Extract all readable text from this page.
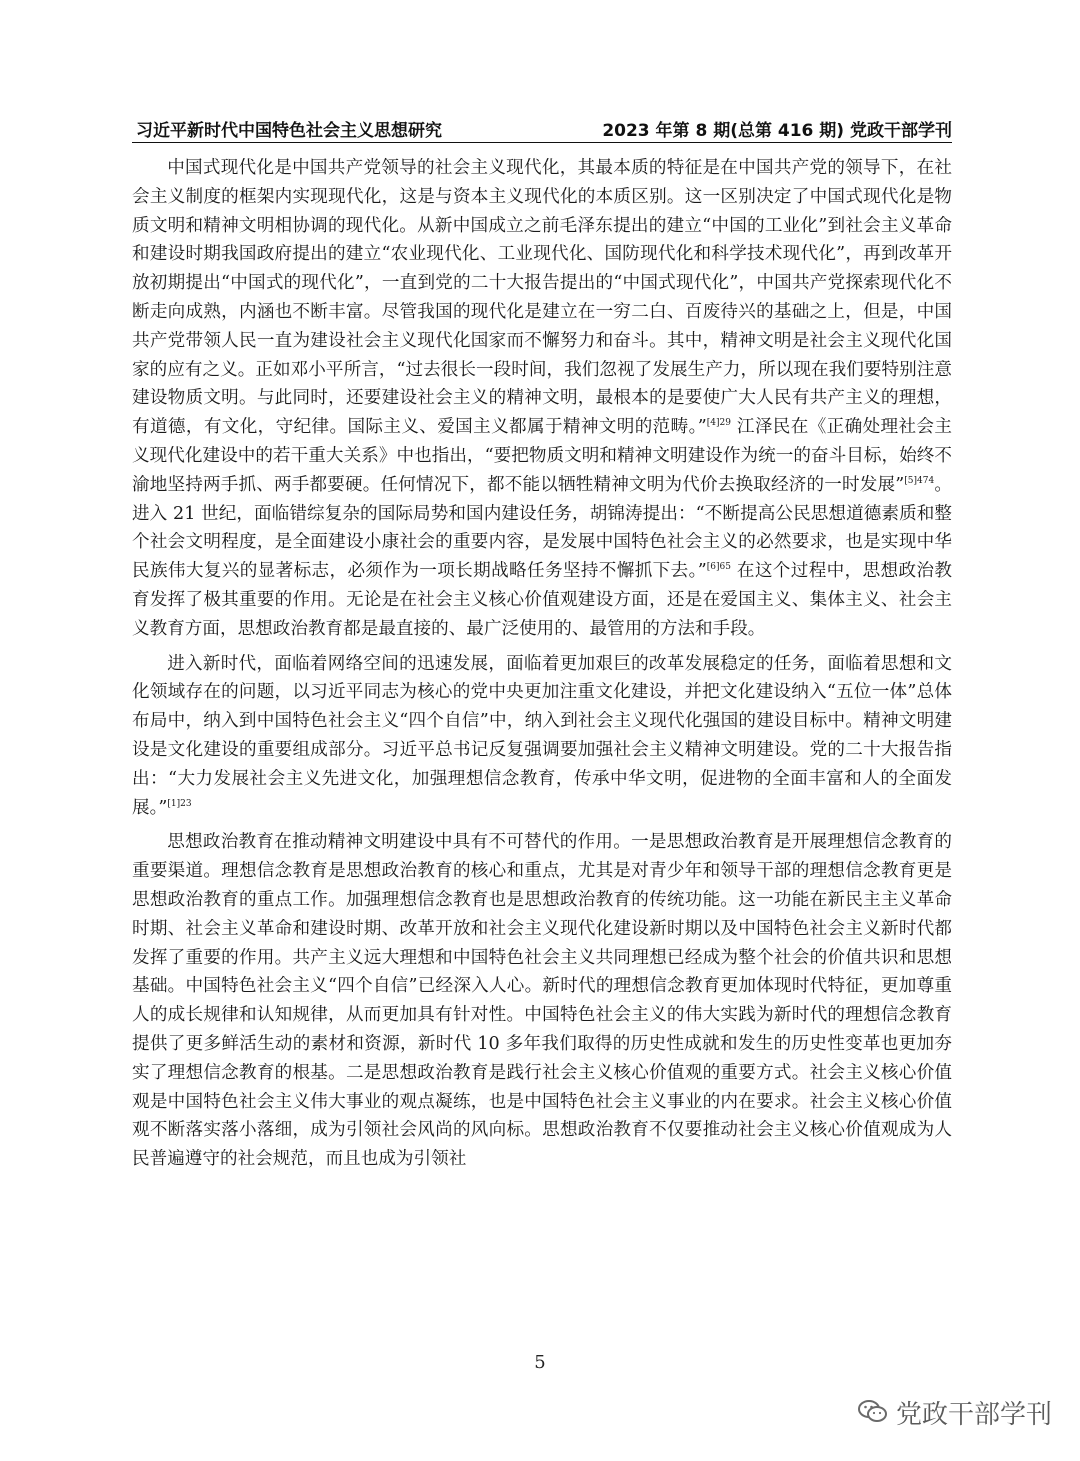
习近平新时代中国特色社会主义思想研究	2023 年第 8 期(总第 416 期) 党政干部学刊

中国式现代化是中国共产党领导的社会主义现代化，其最本质的特征是在中国共产党的领导下，在社会主义制度的框架内实现现代化，这是与资本主义现代化的本质区别。这一区别决定了中国式现代化是物质文明和精神文明相协调的现代化。从新中国成立之前毛泽东提出的建立“中国的工业化”到社会主义革命和建设时期我国政府提出的建立“农业现代化、工业现代化、国防现代化和科学技术现代化”，再到改革开放初期提出“中国式的现代化”，一直到党的二十大报告提出的“中国式现代化”，中国共产党探索现代化不断走向成熟，内涵也不断丰富。尽管我国的现代化是建立在一穷二白、百废待兴的基础之上，但是，中国共产党带领人民一直为建设社会主义现代化国家而不懈努力和奋斗。其中，精神文明是社会主义现代化国家的应有之义。正如邓小平所言，“过去很长一段时间，我们忽视了发展生产力，所以现在我们要特别注意建设物质文明。与此同时，还要建设社会主义的精神文明，最根本的是要使广大人民有共产主义的理想，有道德，有文化，守纪律。国际主义、爱国主义都属于精神文明的范畴。”$^{[4]29}$ 江泽民在《正确处理社会主义现代化建设中的若干重大关系》中也指出，“要把物质文明和精神文明建设作为统一的奋斗目标，始终不渝地坚持两手抓、两手都要硬。任何情况下，都不能以牺牲精神文明为代价去换取经济的一时发展”$^{[5]474}$。进入 21 世纪，面临错综复杂的国际局势和国内建设任务，胡锦涛提出：“不断提高公民思想道德素质和整个社会文明程度，是全面建设小康社会的重要内容，是发展中国特色社会主义的必然要求，也是实现中华民族伟大复兴的显著标志，必须作为一项长期战略任务坚持不懈抓下去。”$^{[6]65}$ 在这个过程中，思想政治教育发挥了极其重要的作用。无论是在社会主义核心价值观建设方面，还是在爱国主义、集体主义、社会主义教育方面，思想政治教育都是最直接的、最广泛使用的、最管用的方法和手段。

进入新时代，面临着网络空间的迅速发展，面临着更加艰巨的改革发展稳定的任务，面临着思想和文化领域存在的问题，以习近平同志为核心的党中央更加注重文化建设，并把文化建设纳入“五位一体”总体布局中，纳入到中国特色社会主义“四个自信”中，纳入到社会主义现代化强国的建设目标中。精神文明建设是文化建设的重要组成部分。习近平总书记反复强调要加强社会主义精神文明建设。党的二十大报告指出：“大力发展社会主义先进文化，加强理想信念教育，传承中华文明，促进物的全面丰富和人的全面发展。”$^{[1]23}$

思想政治教育在推动精神文明建设中具有不可替代的作用。一是思想政治教育是开展理想信念教育的重要渠道。理想信念教育是思想政治教育的核心和重点，尤其是对青少年和领导干部的理想信念教育更是思想政治教育的重点工作。加强理想信念教育也是思想政治教育的传统功能。这一功能在新民主主义革命时期、社会主义革命和建设时期、改革开放和社会主义现代化建设新时期以及中国特色社会主义新时代都发挥了重要的作用。共产主义远大理想和中国特色社会主义共同理想已经成为整个社会的价值共识和思想基础。中国特色社会主义“四个自信”已经深入人心。新时代的理想信念教育更加体现时代特征，更加尊重人的成长规律和认知规律，从而更加具有针对性。中国特色社会主义的伟大实践为新时代的理想信念教育提供了更多鲜活生动的素材和资源，新时代 10 多年我们取得的历史性成就和发生的历史性变革也更加夯实了理想信念教育的根基。二是思想政治教育是践行社会主义核心价值观的重要方式。社会主义核心价值观是中国特色社会主义伟大事业的观点凝练，也是中国特色社会主义事业的内在要求。社会主义核心价值观不断落实落小落细，成为引领社会风尚的风向标。思想政治教育不仅要推动社会主义核心价值观成为人民普遍遵守的社会规范，而且也成为引领社

5
党政干部学刊
